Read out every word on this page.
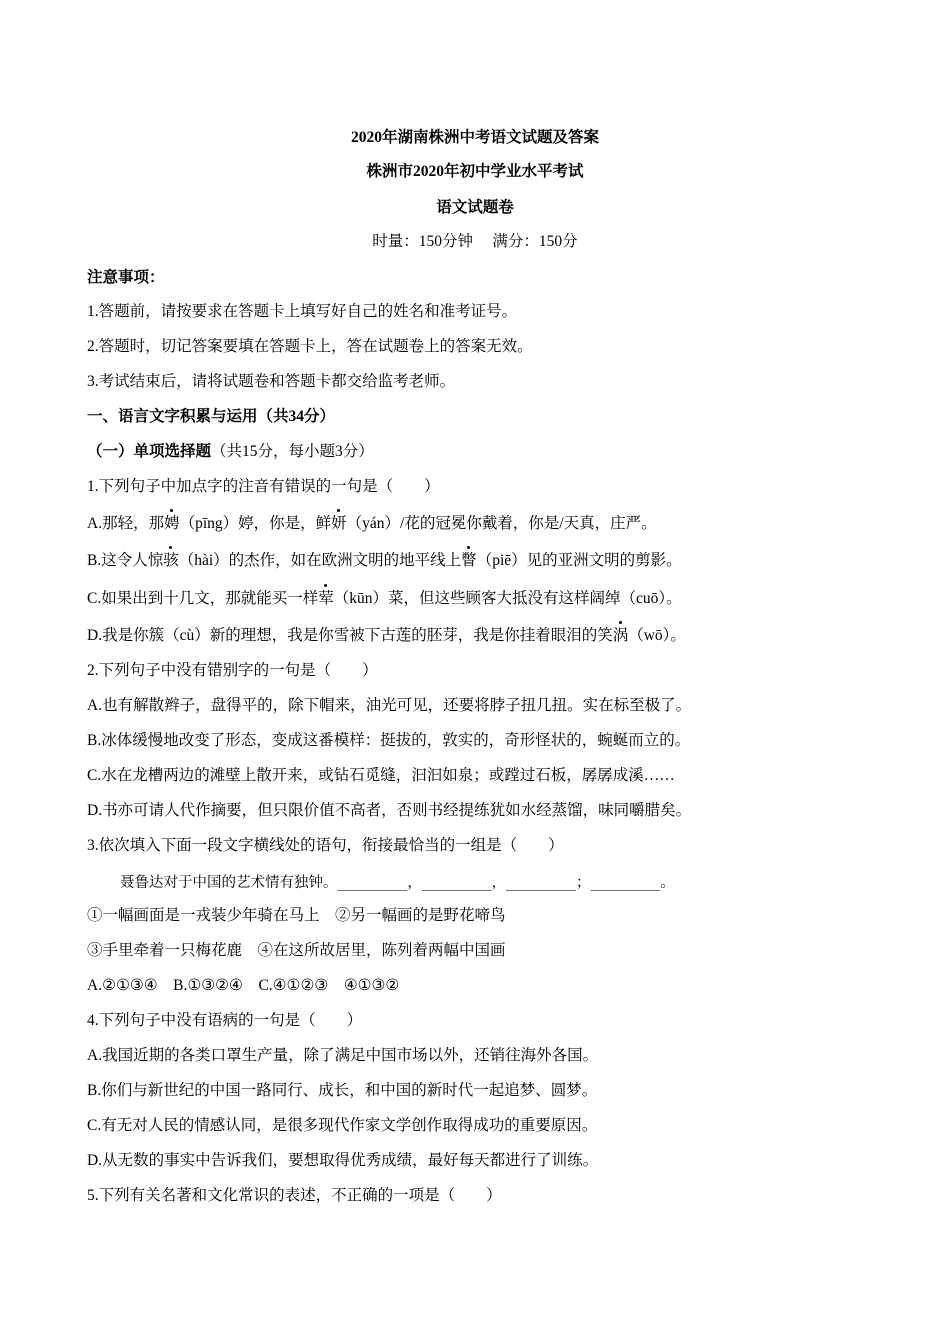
2020年湖南株洲中考语文试题及答案
株洲市2020年初中学业水平考试
语文试题卷
时量：150分钟　 满分：150分
注意事项：
1.答题前，请按要求在答题卡上填写好自己的姓名和准考证号。
2.答题时，切记答案要填在答题卡上，答在试题卷上的答案无效。
3.考试结束后，请将试题卷和答题卡都交给监考老师。
一、语言文字积累与运用（共34分）
（一）单项选择题（共15分，每小题3分）
1.下列句子中加点字的注音有错误的一句是（　　）
A.那轻，那娉（pīng）婷，你是，鲜妍（yán）/花的冠冕你戴着，你是/天真，庄严。
B.这令人惊骇（hài）的杰作，如在欧洲文明的地平线上瞥（piē）见的亚洲文明的剪影。
C.如果出到十几文，那就能买一样荤（kūn）菜，但这些顾客大抵没有这样阔绰（cuō）。
D.我是你簇（cù）新的理想，我是你雪被下古莲的胚芽，我是你挂着眼泪的笑涡（wō）。
2.下列句子中没有错别字的一句是（　　）
A.也有解散辫子，盘得平的，除下帽来，油光可见，还要将脖子扭几扭。实在标至极了。
B.冰体缓慢地改变了形态，变成这番模样：挺拔的，敦实的，奇形怪状的，蜿蜒而立的。
C.水在龙槽两边的滩壁上散开来，或钻石觅缝，汩汩如泉；或蹚过石板，孱孱成溪……
D.书亦可请人代作摘要，但只限价值不高者，否则书经提练犹如水经蒸馏，味同嚼腊矣。
3.依次填入下面一段文字横线处的语句，衔接最恰当的一组是（　　）
聂鲁达对于中国的艺术情有独钟。________，________，________；________。
①一幅画面是一戎装少年骑在马上　②另一幅画的是野花啼鸟
③手里牵着一只梅花鹿　④在这所故居里，陈列着两幅中国画
A.②①③④　B.①③②④　C.④①②③　④①③②
4.下列句子中没有语病的一句是（　　）
A.我国近期的各类口罩生产量，除了满足中国市场以外，还销往海外各国。
B.你们与新世纪的中国一路同行、成长，和中国的新时代一起追梦、圆梦。
C.有无对人民的情感认同，是很多现代作家文学创作取得成功的重要原因。
D.从无数的事实中告诉我们，要想取得优秀成绩，最好每天都进行了训练。
5.下列有关名著和文化常识的表述，不正确的一项是（　　）
